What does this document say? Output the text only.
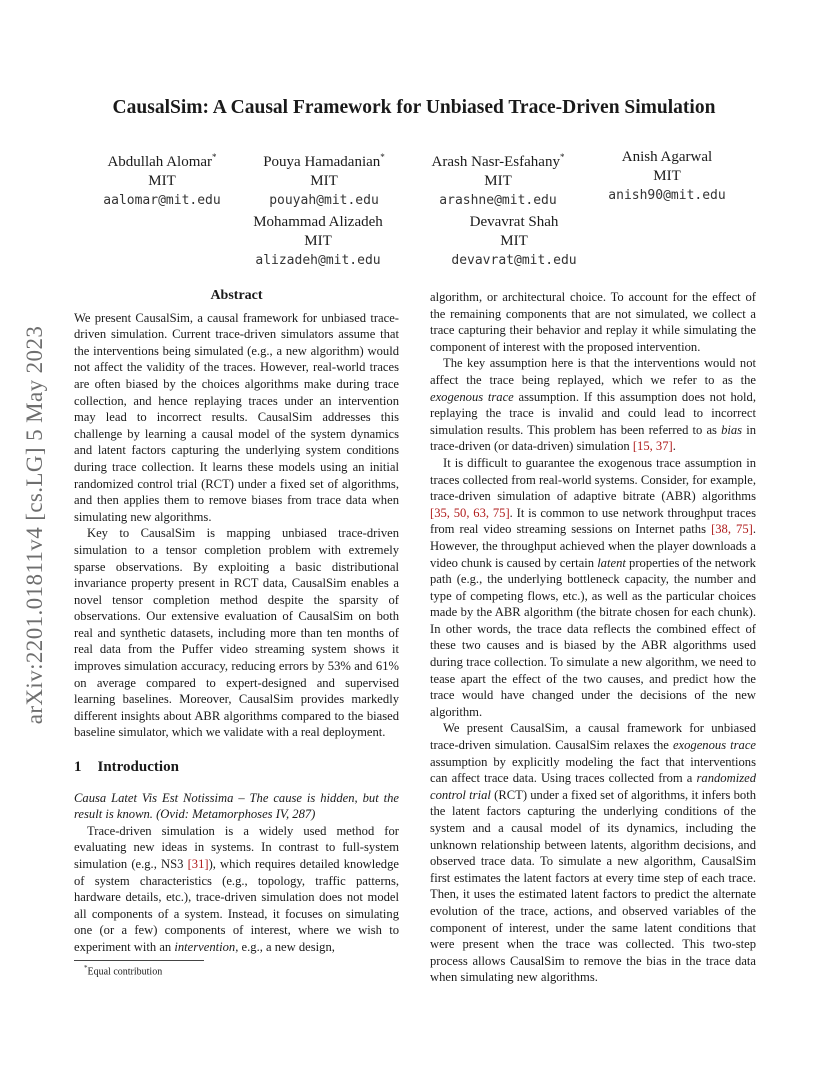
arXiv:2201.01811v4 [cs.LG] 5 May 2023
CausalSim: A Causal Framework for Unbiased Trace-Driven Simulation
Abdullah Alomar*
MIT
aalomar@mit.edu
Pouya Hamadanian*
MIT
pouyah@mit.edu
Arash Nasr-Esfahany*
MIT
arashne@mit.edu
Anish Agarwal
MIT
anish90@mit.edu
Mohammad Alizadeh
MIT
alizadeh@mit.edu
Devavrat Shah
MIT
devavrat@mit.edu
Abstract

We present CausalSim, a causal framework for unbiased trace-driven simulation. Current trace-driven simulators assume that the interventions being simulated (e.g., a new algorithm) would not affect the validity of the traces. However, real-world traces are often biased by the choices algorithms make during trace collection, and hence replaying traces under an intervention may lead to incorrect results. CausalSim addresses this challenge by learning a causal model of the system dynamics and latent factors capturing the underlying system conditions during trace collection. It learns these models using an initial randomized control trial (RCT) under a fixed set of algorithms, and then applies them to remove biases from trace data when simulating new algorithms.

Key to CausalSim is mapping unbiased trace-driven simulation to a tensor completion problem with extremely sparse observations. By exploiting a basic distributional invariance property present in RCT data, CausalSim enables a novel tensor completion method despite the sparsity of observations. Our extensive evaluation of CausalSim on both real and synthetic datasets, including more than ten months of real data from the Puffer video streaming system shows it improves simulation accuracy, reducing errors by 53% and 61% on average compared to expert-designed and supervised learning baselines. Moreover, CausalSim provides markedly different insights about ABR algorithms compared to the biased baseline simulator, which we validate with a real deployment.

1 Introduction

Causa Latet Vis Est Notissima – The cause is hidden, but the result is known. (Ovid: Metamorphoses IV, 287)

Trace-driven simulation is a widely used method for evaluating new ideas in systems. In contrast to full-system simulation (e.g., NS3 [31]), which requires detailed knowledge of system characteristics (e.g., topology, traffic patterns, hardware details, etc.), trace-driven simulation does not model all components of a system. Instead, it focuses on simulating one (or a few) components of interest, where we wish to experiment with an intervention, e.g., a new design,

*Equal contribution

algorithm, or architectural choice. To account for the effect of the remaining components that are not simulated, we collect a trace capturing their behavior and replay it while simulating the component of interest with the proposed intervention.

The key assumption here is that the interventions would not affect the trace being replayed, which we refer to as the exogenous trace assumption. If this assumption does not hold, replaying the trace is invalid and could lead to incorrect simulation results. This problem has been referred to as bias in trace-driven (or data-driven) simulation [15, 37].

It is difficult to guarantee the exogenous trace assumption in traces collected from real-world systems. Consider, for example, trace-driven simulation of adaptive bitrate (ABR) algorithms [35, 50, 63, 75]. It is common to use network throughput traces from real video streaming sessions on Internet paths [38, 75]. However, the throughput achieved when the player downloads a video chunk is caused by certain latent properties of the network path (e.g., the underlying bottleneck capacity, the number and type of competing flows, etc.), as well as the particular choices made by the ABR algorithm (the bitrate chosen for each chunk). In other words, the trace data reflects the combined effect of these two causes and is biased by the ABR algorithms used during trace collection. To simulate a new algorithm, we need to tease apart the effect of the two causes, and predict how the trace would have changed under the decisions of the new algorithm.

We present CausalSim, a causal framework for unbiased trace-driven simulation. CausalSim relaxes the exogenous trace assumption by explicitly modeling the fact that interventions can affect trace data. Using traces collected from a randomized control trial (RCT) under a fixed set of algorithms, it infers both the latent factors capturing the underlying conditions of the system and a causal model of its dynamics, including the unknown relationship between latents, algorithm decisions, and observed trace data. To simulate a new algorithm, CausalSim first estimates the latent factors at every time step of each trace. Then, it uses the estimated latent factors to predict the alternate evolution of the trace, actions, and observed variables of the component of interest, under the same latent conditions that were present when the trace was collected. This two-step process allows CausalSim to remove the bias in the trace data when simulating new algorithms.
